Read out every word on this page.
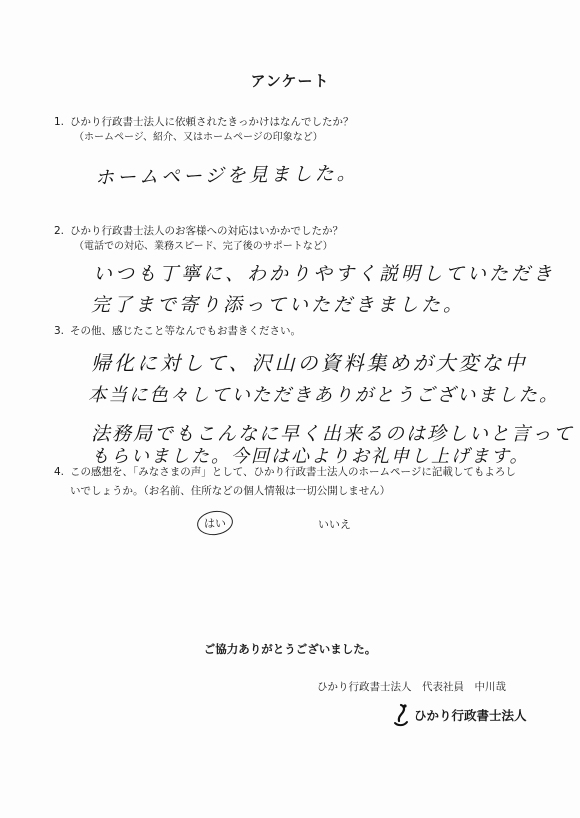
アンケート
1. ひかり行政書士法人に依頼されたきっかけはなんでしたか？
（ホームページ、紹介、又はホームページの印象など）
ホームページを見ました。
2. ひかり行政書士法人のお客様への対応はいかかでしたか？
（電話での対応、業務スピード、完了後のサポートなど）
いつも丁寧に、わかりやすく説明していただき
完了まで寄り添っていただきました。
3. その他、感じたこと等なんでもお書きください。
帰化に対して、沢山の資料集めが大変な中
本当に色々していただきありがとうございました。
法務局でもこんなに早く出来るのは珍しいと言って
もらいました。今回は心よりお礼申し上げます。
4. この感想を、「みなさまの声」として、ひかり行政書士法人のホームページに記載してもよろし
いでしょうか。（お名前、住所などの個人情報は一切公開しません）
はい	いいえ
ご協力ありがとうございました。
ひかり行政書士法人　代表社員　中川哉
ひかり行政書士法人
